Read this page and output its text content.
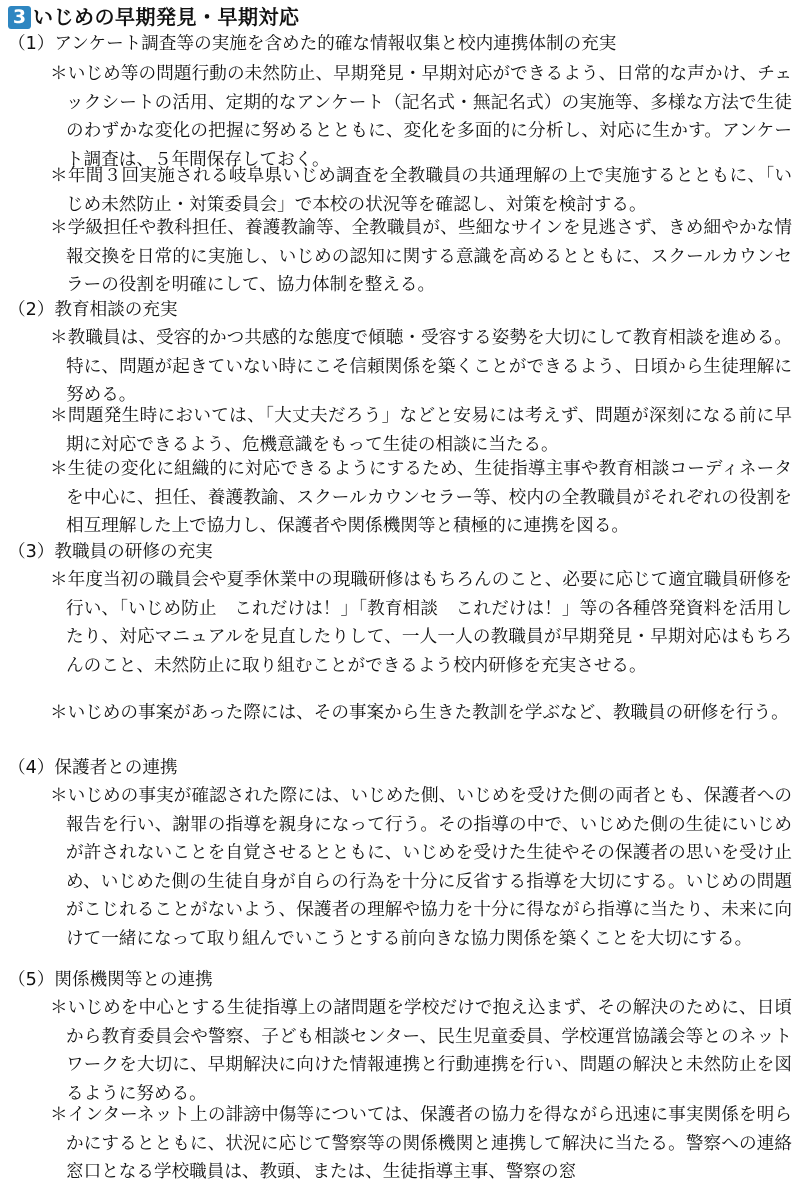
3 いじめの早期発見・早期対応
（1）アンケート調査等の実施を含めた的確な情報収集と校内連携体制の充実
＊いじめ等の問題行動の未然防止、早期発見・早期対応ができるよう、日常的な声かけ、チェックシートの活用、定期的なアンケート（記名式・無記名式）の実施等、多様な方法で生徒のわずかな変化の把握に努めるとともに、変化を多面的に分析し、対応に生かす。アンケート調査は、５年間保存しておく。
＊年間３回実施される岐阜県いじめ調査を全教職員の共通理解の上で実施するとともに、「いじめ未然防止・対策委員会」で本校の状況等を確認し、対策を検討する。
＊学級担任や教科担任、養護教諭等、全教職員が、些細なサインを見逃さず、きめ細やかな情報交換を日常的に実施し、いじめの認知に関する意識を高めるとともに、スクールカウンセラーの役割を明確にして、協力体制を整える。
（2）教育相談の充実
＊教職員は、受容的かつ共感的な態度で傾聴・受容する姿勢を大切にして教育相談を進める。特に、問題が起きていない時にこそ信頼関係を築くことができるよう、日頃から生徒理解に努める。
＊問題発生時においては、「大丈夫だろう」などと安易には考えず、問題が深刻になる前に早期に対応できるよう、危機意識をもって生徒の相談に当たる。
＊生徒の変化に組織的に対応できるようにするため、生徒指導主事や教育相談コーディネータを中心に、担任、養護教諭、スクールカウンセラー等、校内の全教職員がそれぞれの役割を相互理解した上で協力し、保護者や関係機関等と積極的に連携を図る。
（3）教職員の研修の充実
＊年度当初の職員会や夏季休業中の現職研修はもちろんのこと、必要に応じて適宜職員研修を行い、「いじめ防止　これだけは！」「教育相談　これだけは！」等の各種啓発資料を活用したり、対応マニュアルを見直したりして、一人一人の教職員が早期発見・早期対応はもちろんのこと、未然防止に取り組むことができるよう校内研修を充実させる。
＊いじめの事案があった際には、その事案から生きた教訓を学ぶなど、教職員の研修を行う。
（4）保護者との連携
＊いじめの事実が確認された際には、いじめた側、いじめを受けた側の両者とも、保護者への報告を行い、謝罪の指導を親身になって行う。その指導の中で、いじめた側の生徒にいじめが許されないことを自覚させるとともに、いじめを受けた生徒やその保護者の思いを受け止め、いじめた側の生徒自身が自らの行為を十分に反省する指導を大切にする。いじめの問題がこじれることがないよう、保護者の理解や協力を十分に得ながら指導に当たり、未来に向けて一緒になって取り組んでいこうとする前向きな協力関係を築くことを大切にする。
（5）関係機関等との連携
＊いじめを中心とする生徒指導上の諸問題を学校だけで抱え込まず、その解決のために、日頃から教育委員会や警察、子ども相談センター、民生児童委員、学校運営協議会等とのネットワークを大切に、早期解決に向けた情報連携と行動連携を行い、問題の解決と未然防止を図るように努める。
＊インターネット上の誹謗中傷等については、保護者の協力を得ながら迅速に事実関係を明らかにするとともに、状況に応じて警察等の関係機関と連携して解決に当たる。警察への連絡窓口となる学校職員は、教頭、または、生徒指導主事、警察の窓
